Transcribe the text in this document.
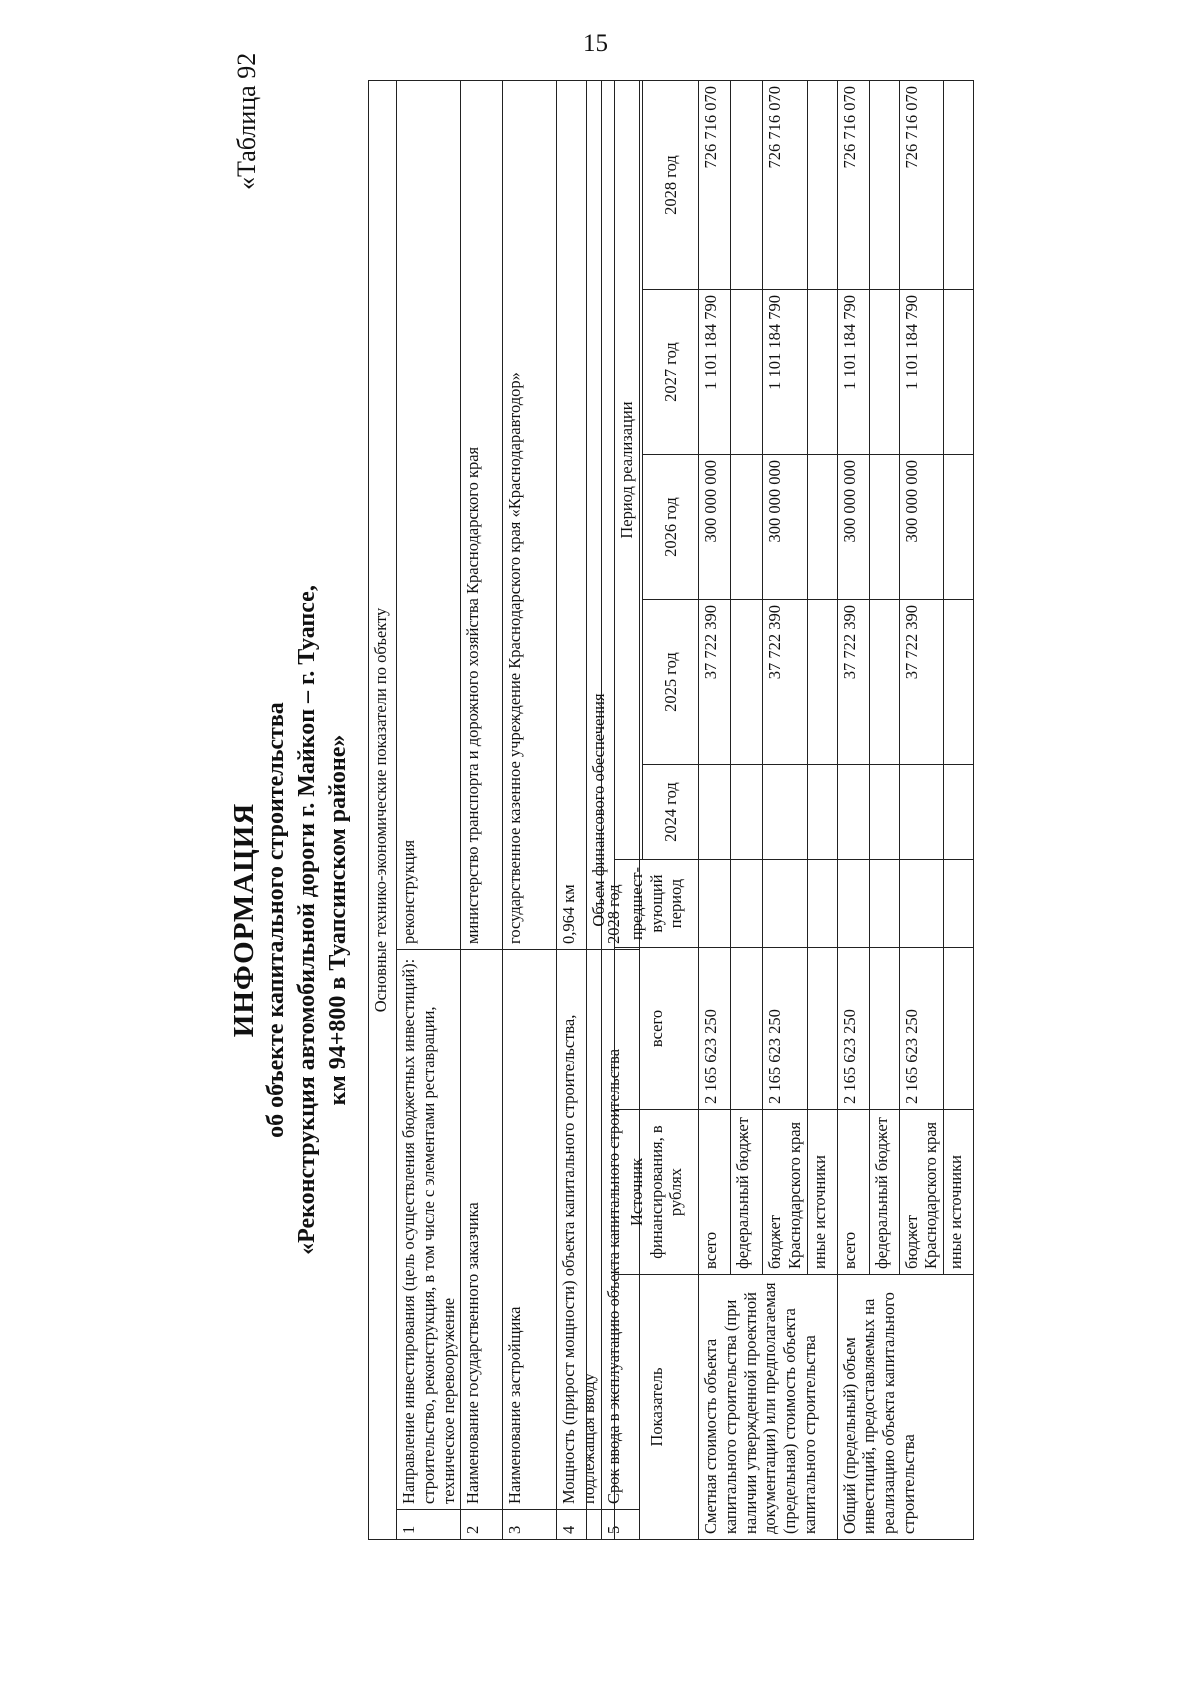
15
«Таблица 92
ИНФОРМАЦИЯ об объекте капитального строительства «Реконструкция автомобильной дороги г. Майкоп – г. Туапсе, км 94+800 в Туапсинском районе» Основные технико-экономические показатели по объекту		
1	Направление инвестирования (цель осуществления бюджетных инвестиций): строительство, реконструкция, в том числе с элементами реставрации, техническое перевооружение	реконструкция
2	Наименование государственного заказчика	министерство транспорта и дорожного хозяйства Краснодарского края
3	Наименование застройщика	государственное казенное учреждение Краснодарского края «Краснодаравтодор»
4	Мощность (прирост мощности) объекта капитального строительства, подлежащая вводу	0,964 км
5	Срок ввода в эксплуатацию объекта капитального строительства	2028 год
Объем финансового обеспечения								
Показатель	Источник финансирования, в рублях	всего	предшест-вующий период	Период реализации				
				2024 год	2025 год	2026 год	2027 год	2028 год
Сметная стоимость объекта капитального строительства (при наличии утвержденной проектной документации) или предполагаемая (предельная) стоимость объекта капитального строительства	всего	2 165 623 250			37 722 390	300 000 000	1 101 184 790	726 716 070
	федеральный бюджет							
	бюджет Краснодарского края	2 165 623 250			37 722 390	300 000 000	1 101 184 790	726 716 070
	иные источники							
Общий (предельный) объем инвестиций, предоставляемых на реализацию объекта капитального строительства	всего	2 165 623 250			37 722 390	300 000 000	1 101 184 790	726 716 070
	федеральный бюджет							
	бюджет Краснодарского края	2 165 623 250			37 722 390	300 000 000	1 101 184 790	726 716 070
	иные источники							
